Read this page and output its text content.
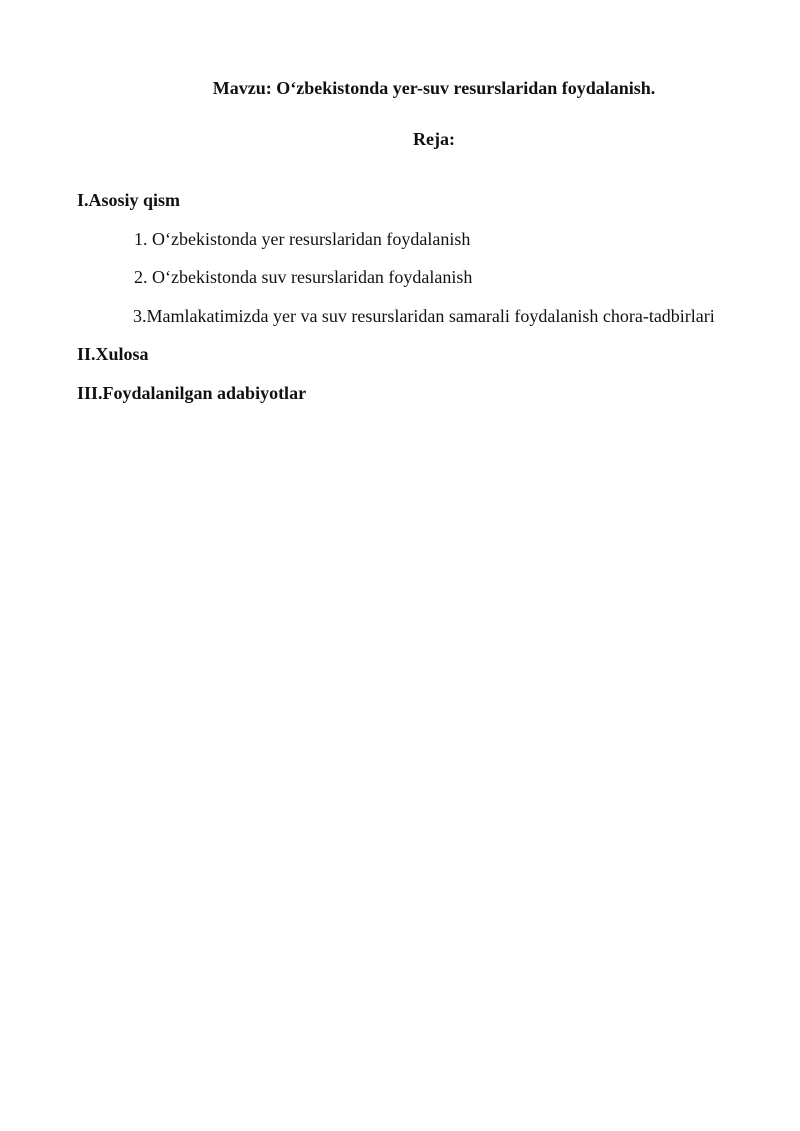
Mavzu: O‘zbekistonda yer-suv resurslaridan foydalanish.

Reja:

I.Asosiy qism

1. O‘zbekistonda yer resurslaridan foydalanish

2. O‘zbekistonda suv resurslaridan foydalanish

3.Mamlakatimizda yer va suv resurslaridan samarali foydalanish chora-tadbirlari

II.Xulosa

III.Foydalanilgan adabiyotlar
